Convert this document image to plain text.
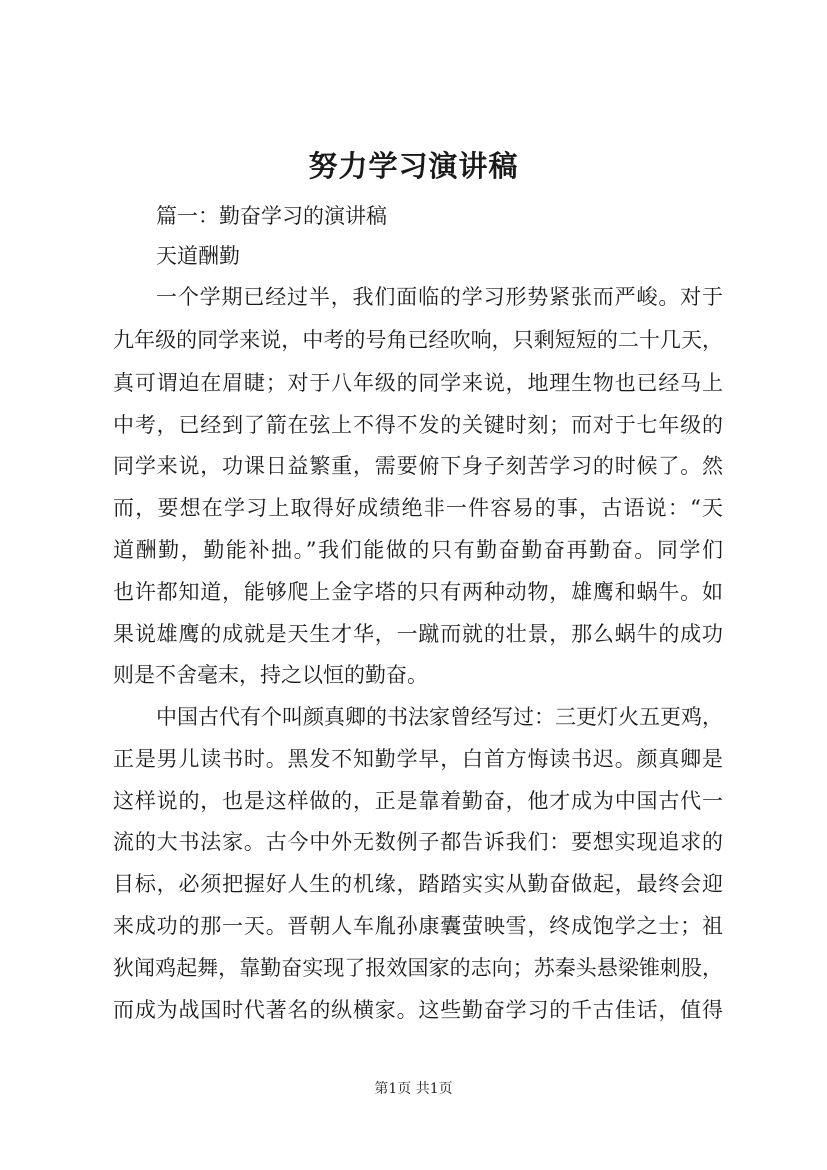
努力学习演讲稿

篇一：勤奋学习的演讲稿

天道酬勤

一个学期已经过半，我们面临的学习形势紧张而严峻。对于

九年级的同学来说，中考的号角已经吹响，只剩短短的二十几天，

真可谓迫在眉睫；对于八年级的同学来说，地理生物也已经马上

中考，已经到了箭在弦上不得不发的关键时刻；而对于七年级的

同学来说，功课日益繁重，需要俯下身子刻苦学习的时候了。然

而，要想在学习上取得好成绩绝非一件容易的事，古语说：“天

道酬勤，勤能补拙。”我们能做的只有勤奋勤奋再勤奋。同学们

也许都知道，能够爬上金字塔的只有两种动物，雄鹰和蜗牛。如

果说雄鹰的成就是天生才华，一蹴而就的壮景，那么蜗牛的成功

则是不舍毫末，持之以恒的勤奋。

中国古代有个叫颜真卿的书法家曾经写过：三更灯火五更鸡，

正是男儿读书时。黑发不知勤学早，白首方悔读书迟。颜真卿是

这样说的，也是这样做的，正是靠着勤奋，他才成为中国古代一

流的大书法家。古今中外无数例子都告诉我们：要想实现追求的

目标，必须把握好人生的机缘，踏踏实实从勤奋做起，最终会迎

来成功的那一天。晋朝人车胤孙康囊萤映雪，终成饱学之士；祖

狄闻鸡起舞，靠勤奋实现了报效国家的志向；苏秦头悬梁锥刺股，

而成为战国时代著名的纵横家。这些勤奋学习的千古佳话，值得

第1页 共1页
